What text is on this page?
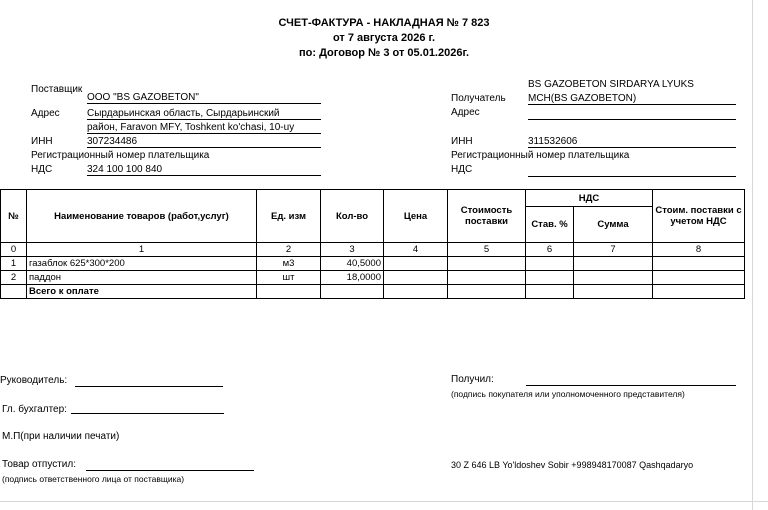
СЧЕТ-ФАКТУРА - НАКЛАДНАЯ № 7 823
от 7 августа 2026 г.
по: Договор № 3 от 05.01.2026г.
Поставщик
ООО "BS GAZOBETON"
Адрес	Сырдарьинская область, Сырдарьинский
район, Faravon MFY, Toshkent ko'chasi, 10-uy
ИНН	307234486
Регистрационный номер плательщика
НДС	324 100 100 840
BS GAZOBETON SIRDARYA LYUKS
Получатель MCH(BS GAZOBETON)
Адрес
ИНН	311532606
Регистрационный номер плательщика
НДС
№	Наименование товаров (работ,услуг)	Ед. изм	Кол-во	Цена	Стоимость поставки	НДС		Стоим. поставки с учетом НДС
						Став. %	Сумма	
0	1	2	3	4	5	6	7	8
1	газаблок 625*300*200	м3	40,5000					
2	паддон	шт	18,0000					
	Всего к оплате							
Руководитель:
Гл. бухгалтер:
М.П(при наличии печати)
Товар отпустил:
(подпись ответственного лица от поставщика)
Получил:
(подпись покупателя или уполномоченного представителя)
30 Z 646 LB Yo'ldoshev Sobir +998948170087 Qashqadaryo
